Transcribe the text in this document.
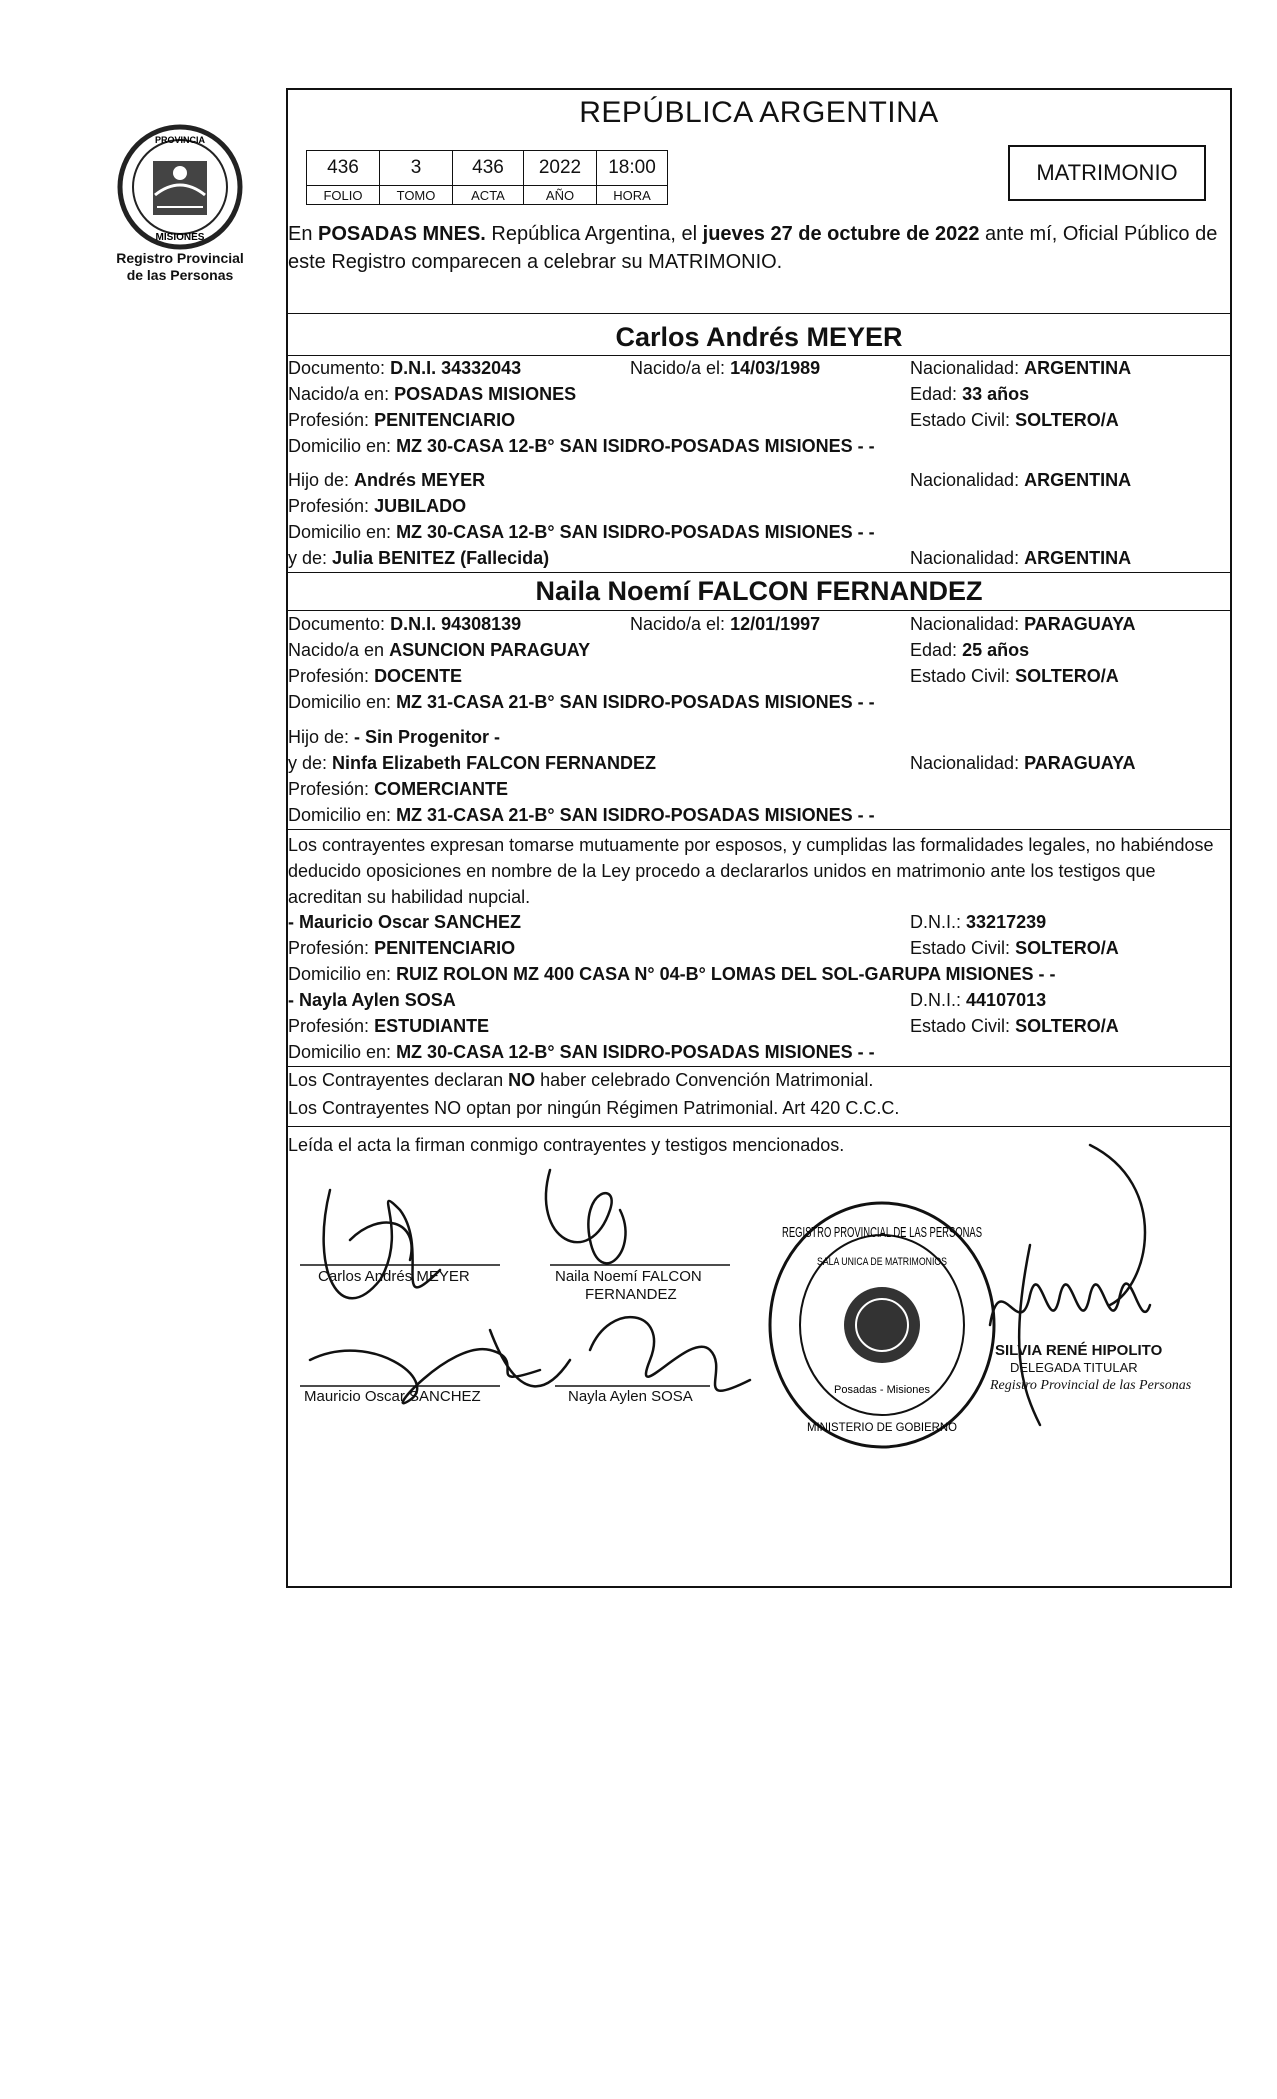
PROVINCIA
MISIONES
Registro Provincial
de las Personas
REPÚBLICA ARGENTINA
436	3	436	2022	18:00
FOLIO	TOMO	ACTA	AÑO	HORA
MATRIMONIO
En POSADAS MNES. República Argentina, el jueves 27 de octubre de 2022 ante mí, Oficial Público de este Registro comparecen a celebrar su MATRIMONIO.
Carlos Andrés MEYER
Documento: D.N.I. 34332043	Nacido/a el: 14/03/1989	Nacionalidad: ARGENTINA
Nacido/a en: POSADAS MISIONES	Edad: 33 años
Profesión: PENITENCIARIO	Estado Civil: SOLTERO/A
Domicilio en: MZ 30-CASA 12-B° SAN ISIDRO-POSADAS MISIONES - -
Hijo de: Andrés MEYER	Nacionalidad: ARGENTINA
Profesión: JUBILADO
Domicilio en: MZ 30-CASA 12-B° SAN ISIDRO-POSADAS MISIONES - -
y de: Julia BENITEZ (Fallecida)	Nacionalidad: ARGENTINA
Naila Noemí FALCON FERNANDEZ
Documento: D.N.I. 94308139	Nacido/a el: 12/01/1997	Nacionalidad: PARAGUAYA
Nacido/a en ASUNCION PARAGUAY	Edad: 25 años
Profesión: DOCENTE	Estado Civil: SOLTERO/A
Domicilio en: MZ 31-CASA 21-B° SAN ISIDRO-POSADAS MISIONES - -
Hijo de: - Sin Progenitor -
y de: Ninfa Elizabeth FALCON FERNANDEZ	Nacionalidad: PARAGUAYA
Profesión: COMERCIANTE
Domicilio en: MZ 31-CASA 21-B° SAN ISIDRO-POSADAS MISIONES - -
Los contrayentes expresan tomarse mutuamente por esposos, y cumplidas las formalidades legales, no habiéndose deducido oposiciones en nombre de la Ley procedo a declararlos unidos en matrimonio ante los testigos que acreditan su habilidad nupcial.
- Mauricio Oscar SANCHEZ	D.N.I.: 33217239
Profesión: PENITENCIARIO	Estado Civil: SOLTERO/A
Domicilio en: RUIZ ROLON MZ 400 CASA N° 04-B° LOMAS DEL SOL-GARUPA MISIONES - -
- Nayla Aylen SOSA	D.N.I.: 44107013
Profesión: ESTUDIANTE	Estado Civil: SOLTERO/A
Domicilio en: MZ 30-CASA 12-B° SAN ISIDRO-POSADAS MISIONES - -
Los Contrayentes declaran NO haber celebrado Convención Matrimonial.
Los Contrayentes NO optan por ningún Régimen Patrimonial. Art 420 C.C.C.
Leída el acta la firman conmigo contrayentes y testigos mencionados.
Carlos Andrés MEYER	Naila Noemí FALCON
FERNANDEZ
Mauricio Oscar SANCHEZ	Nayla Aylen SOSA
REGISTRO PROVINCIAL DE LAS PERSONAS
SALA UNICA DE MATRIMONIOS
Posadas - Misiones
MINISTERIO DE GOBIERNO
SILVIA RENÉ HIPOLITO
DELEGADA TITULAR
Registro Provincial de las Personas
